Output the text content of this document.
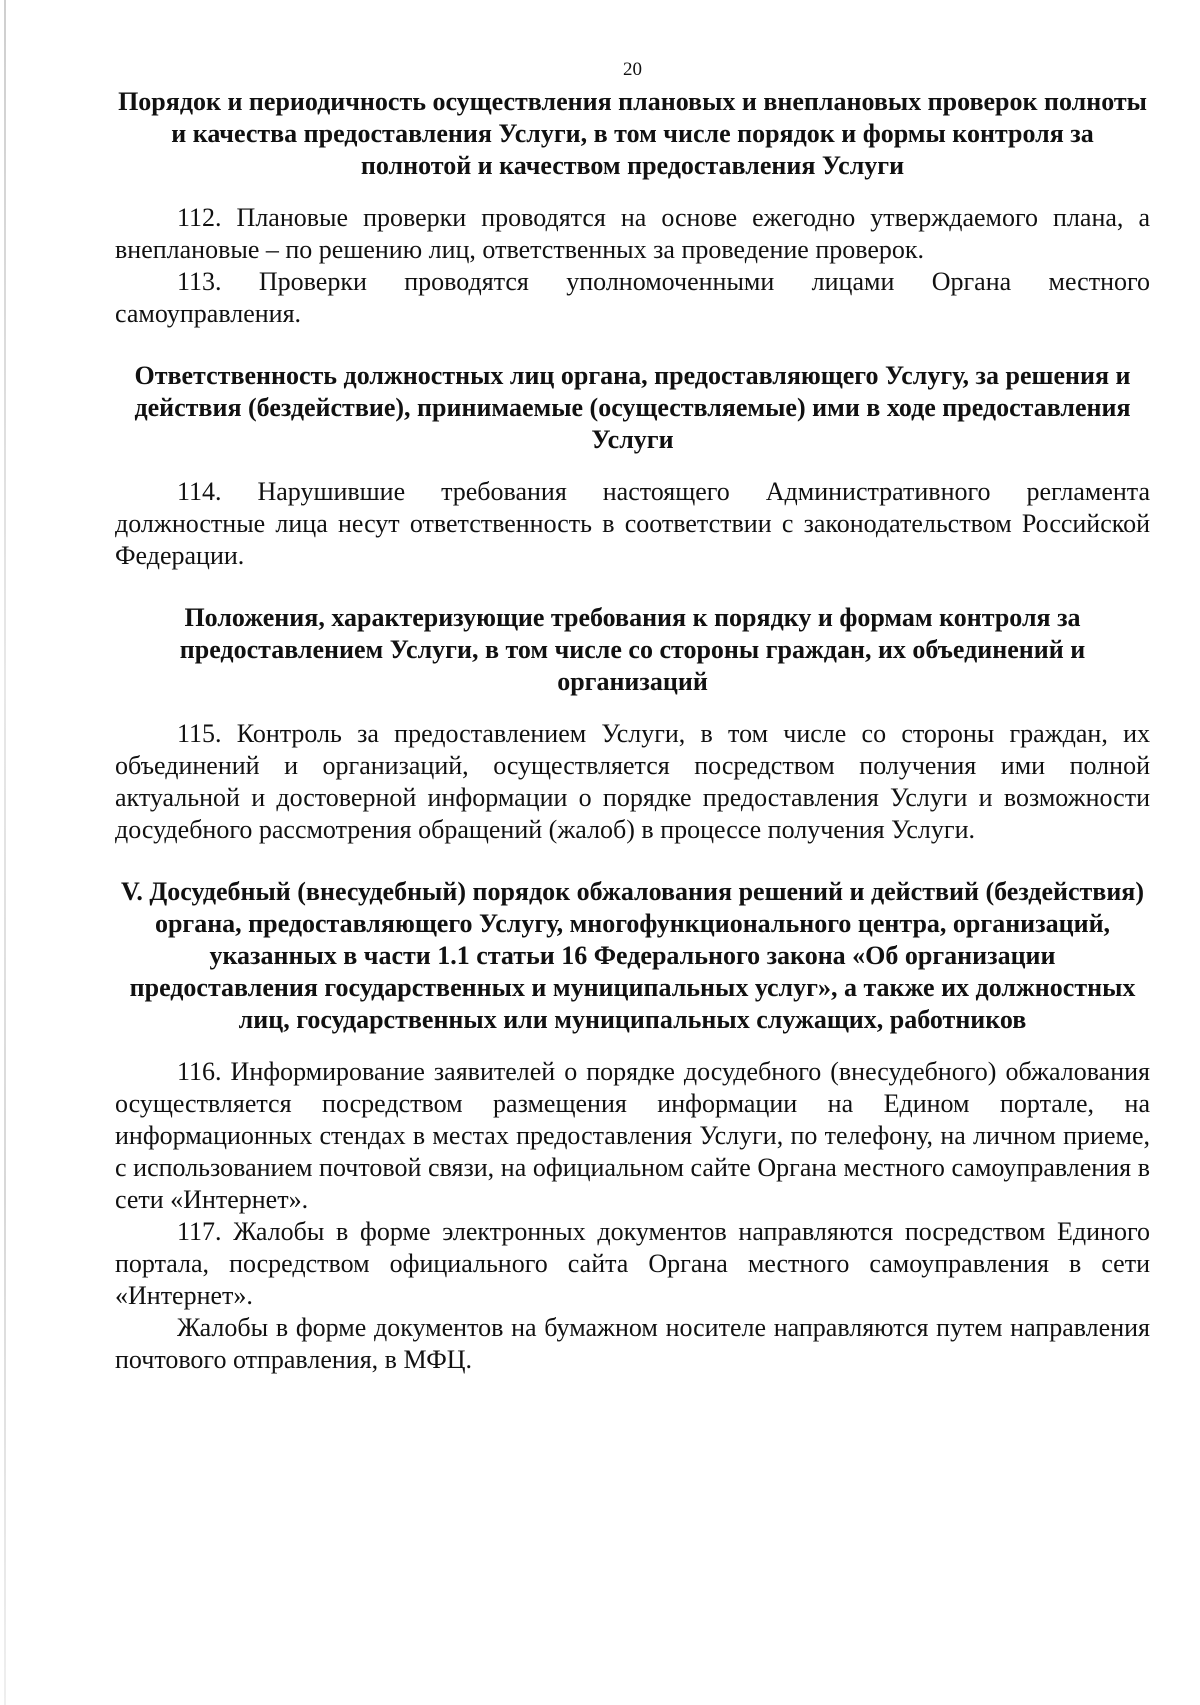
20

Порядок и периодичность осуществления плановых и внеплановых проверок полноты и качества предоставления Услуги, в том числе порядок и формы контроля за полнотой и качеством предоставления Услуги

112. Плановые проверки проводятся на основе ежегодно утверждаемого плана, а внеплановые – по решению лиц, ответственных за проведение проверок.

113. Проверки проводятся уполномоченными лицами Органа местного самоуправления.

Ответственность должностных лиц органа, предоставляющего Услугу, за решения и действия (бездействие), принимаемые (осуществляемые) ими в ходе предоставления Услуги

114. Нарушившие требования настоящего Административного регламента должностные лица несут ответственность в соответствии с законодательством Российской Федерации.

Положения, характеризующие требования к порядку и формам контроля за предоставлением Услуги, в том числе со стороны граждан, их объединений и организаций

115. Контроль за предоставлением Услуги, в том числе со стороны граждан, их объединений и организаций, осуществляется посредством получения ими полной актуальной и достоверной информации о порядке предоставления Услуги и возможности досудебного рассмотрения обращений (жалоб) в процессе получения Услуги.

V. Досудебный (внесудебный) порядок обжалования решений и действий (бездействия) органа, предоставляющего Услугу, многофункционального центра, организаций, указанных в части 1.1 статьи 16 Федерального закона «Об организации предоставления государственных и муниципальных услуг», а также их должностных лиц, государственных или муниципальных служащих, работников

116. Информирование заявителей о порядке досудебного (внесудебного) обжалования осуществляется посредством размещения информации на Едином портале, на информационных стендах в местах предоставления Услуги, по телефону, на личном приеме, с использованием почтовой связи, на официальном сайте Органа местного самоуправления в сети «Интернет».

117. Жалобы в форме электронных документов направляются посредством Единого портала, посредством официального сайта Органа местного самоуправления в сети «Интернет».

Жалобы в форме документов на бумажном носителе направляются путем направления почтового отправления, в МФЦ.
